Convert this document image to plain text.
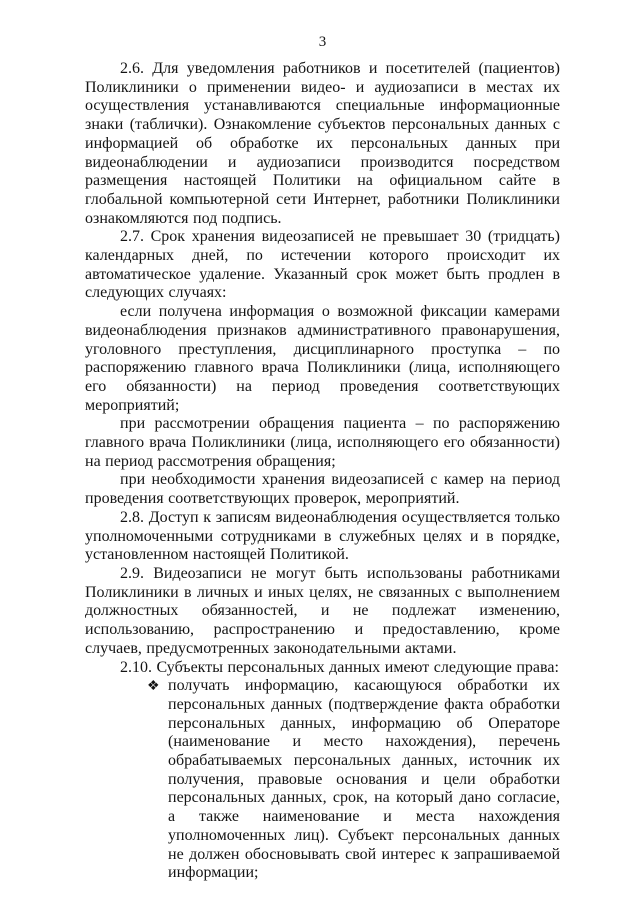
3

2.6. Для уведомления работников и посетителей (пациентов) Поликлиники о применении видео- и аудиозаписи в местах их осуществления устанавливаются специальные информационные знаки (таблички). Ознакомление субъектов персональных данных с информацией об обработке их персональных данных при видеонаблюдении и аудиозаписи производится посредством размещения настоящей Политики на официальном сайте в глобальной компьютерной сети Интернет, работники Поликлиники ознакомляются под подпись.

2.7. Срок хранения видеозаписей не превышает 30 (тридцать) календарных дней, по истечении которого происходит их автоматическое удаление. Указанный срок может быть продлен в следующих случаях:

если получена информация о возможной фиксации камерами видеонаблюдения признаков административного правонарушения, уголовного преступления, дисциплинарного проступка – по распоряжению главного врача Поликлиники (лица, исполняющего его обязанности) на период проведения соответствующих мероприятий;

при рассмотрении обращения пациента – по распоряжению главного врача Поликлиники (лица, исполняющего его обязанности) на период рассмотрения обращения;

при необходимости хранения видеозаписей с камер на период проведения соответствующих проверок, мероприятий.

2.8. Доступ к записям видеонаблюдения осуществляется только уполномоченными сотрудниками в служебных целях и в порядке, установленном настоящей Политикой.

2.9. Видеозаписи не могут быть использованы работниками Поликлиники в личных и иных целях, не связанных с выполнением должностных обязанностей, и не подлежат изменению, использованию, распространению и предоставлению, кроме случаев, предусмотренных законодательными актами.

2.10. Субъекты персональных данных имеют следующие права:

❖ получать информацию, касающуюся обработки их персональных данных (подтверждение факта обработки персональных данных, информацию об Операторе (наименование и место нахождения), перечень обрабатываемых персональных данных, источник их получения, правовые основания и цели обработки персональных данных, срок, на который дано согласие, а также наименование и места нахождения уполномоченных лиц). Субъект персональных данных не должен обосновывать свой интерес к запрашиваемой информации;
